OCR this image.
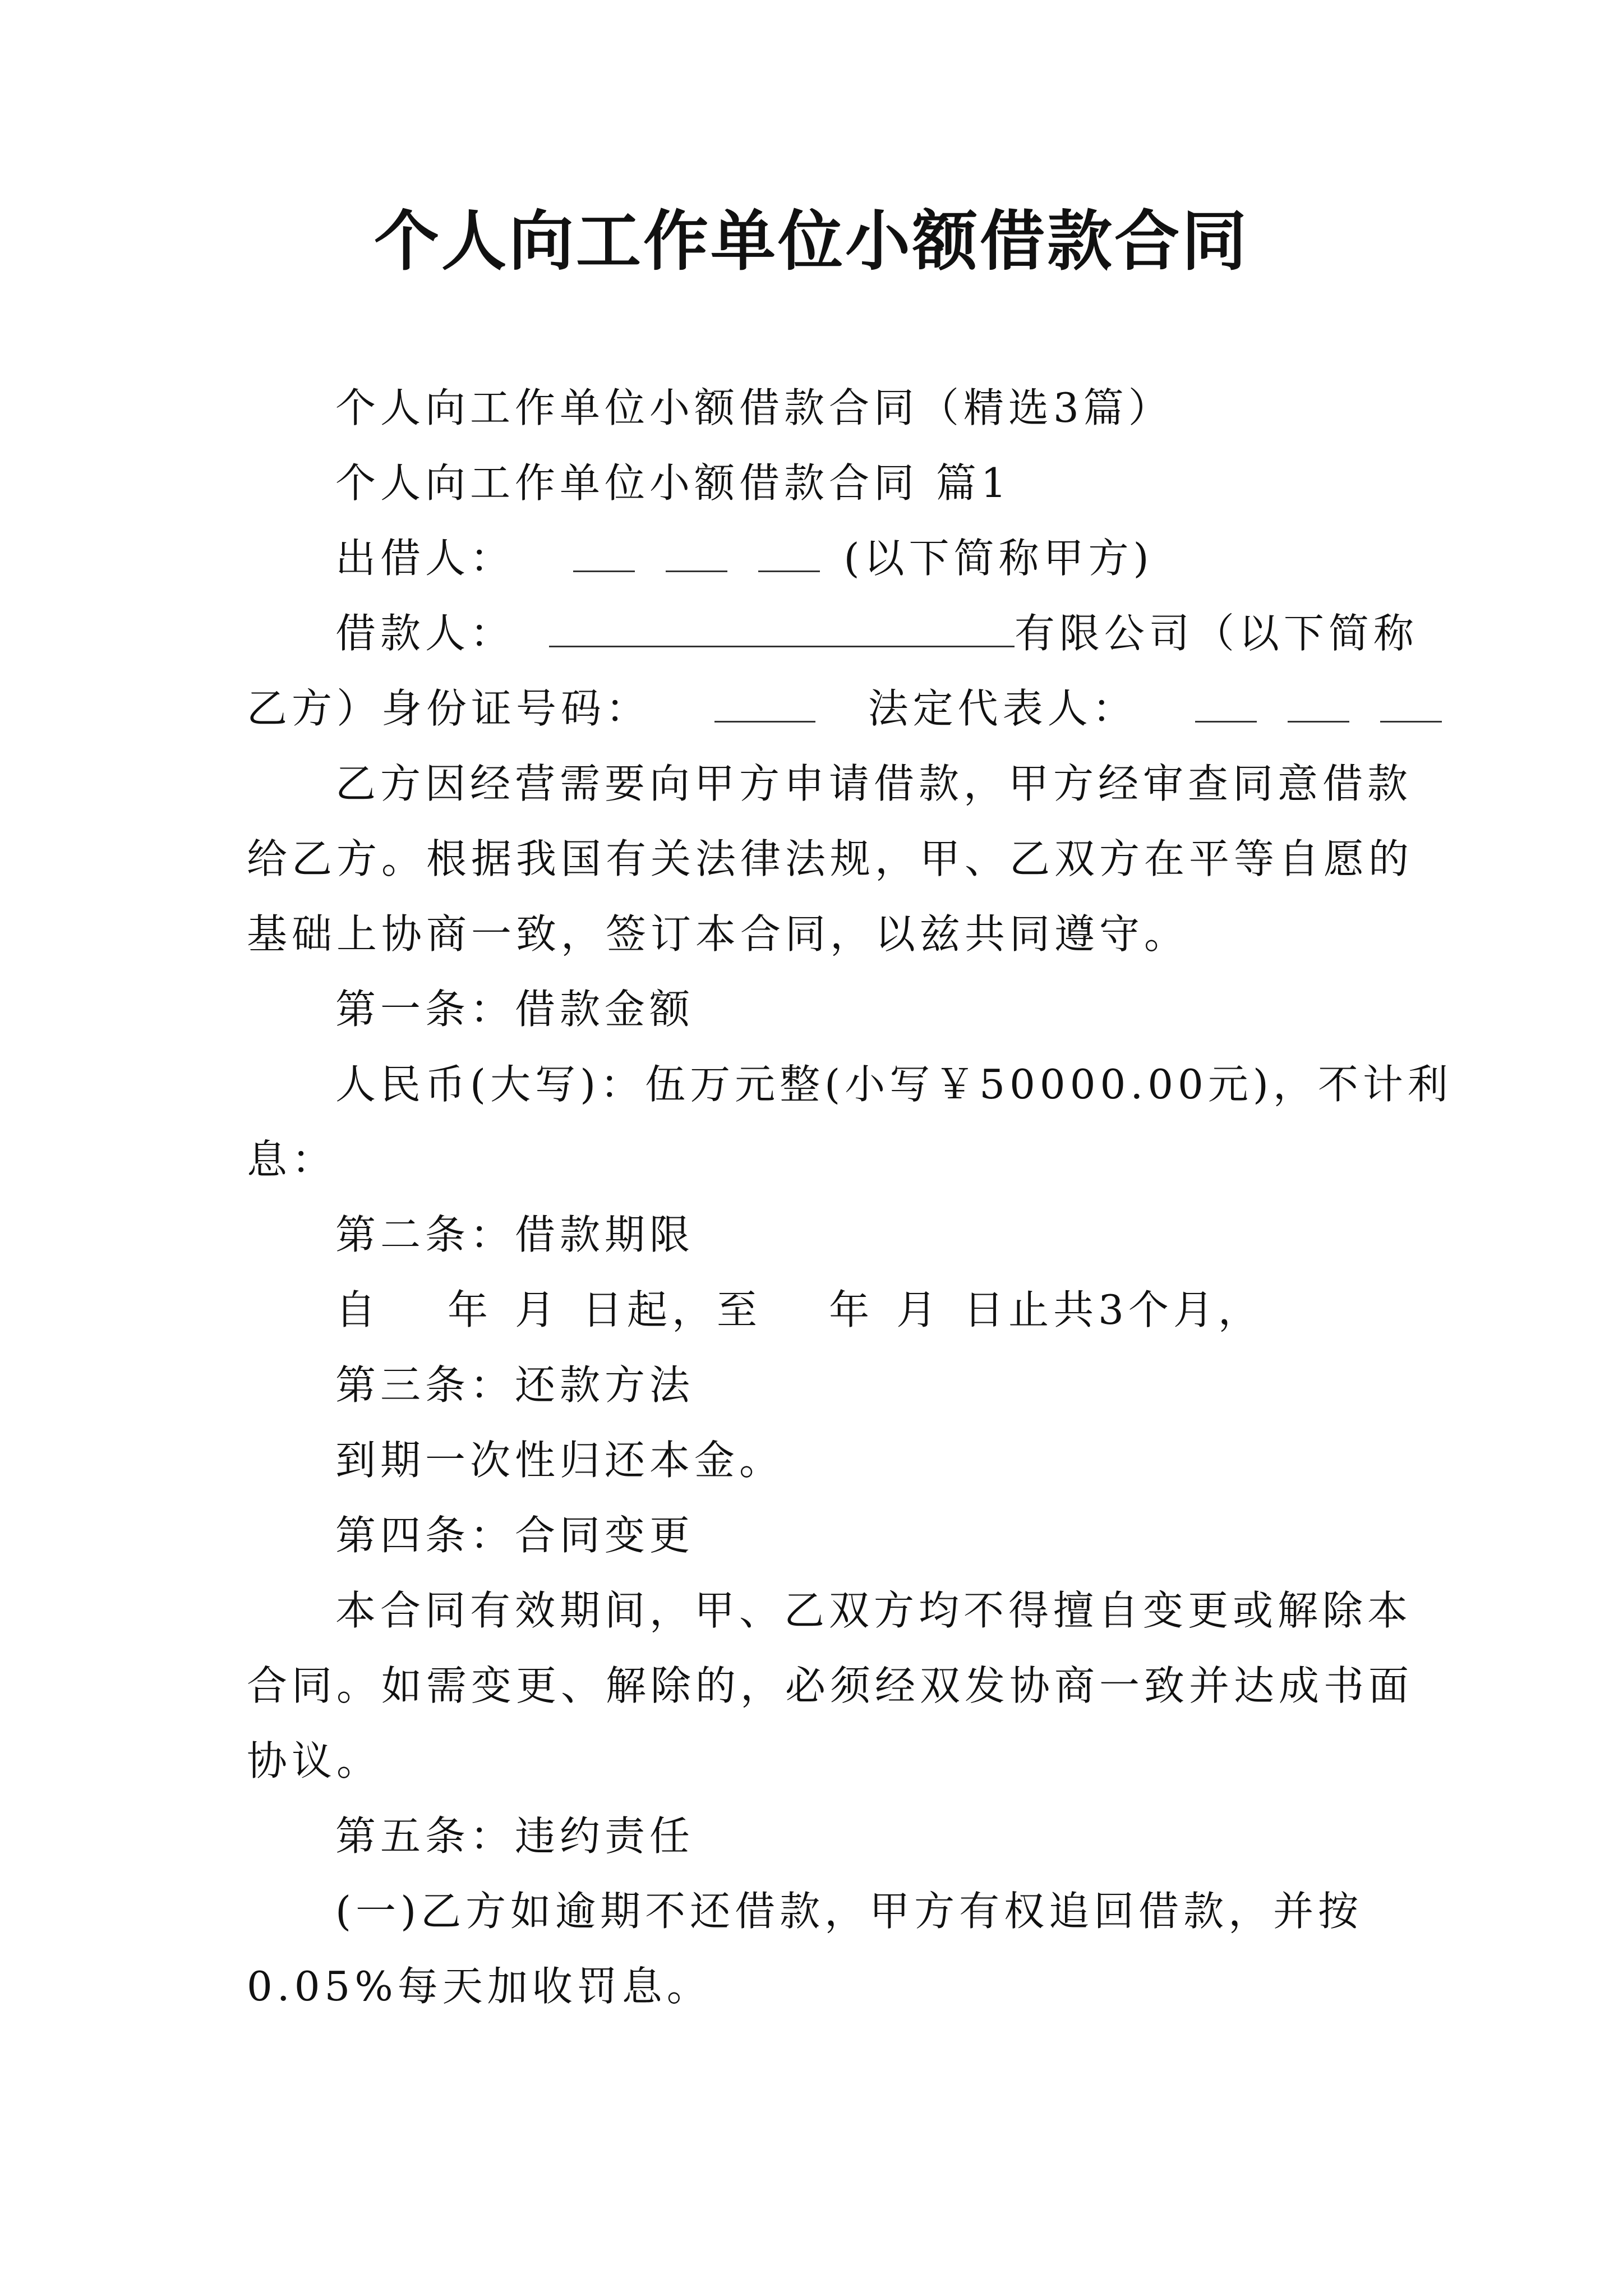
个人向工作单位小额借款合同
个人向工作单位小额借款合同（精选3篇）
个人向工作单位小额借款合同 篇1
出借人：	(以下简称甲方)
借款人：	有限公司（以下简称
乙方）身份证号码：	法定代表人：
乙方因经营需要向甲方申请借款，甲方经审查同意借款
给乙方。根据我国有关法律法规，甲、乙双方在平等自愿的
基础上协商一致，签订本合同，以兹共同遵守。
第一条：借款金额
人民币(大写)：伍万元整(小写￥50000.00元)，不计利
息：
第二条：借款期限
自 年 月 日起，至 年 月 日止共3个月，
第三条：还款方法
到期一次性归还本金。
第四条：合同变更
本合同有效期间，甲、乙双方均不得擅自变更或解除本
合同。如需变更、解除的，必须经双发协商一致并达成书面
协议。
第五条：违约责任
(一)乙方如逾期不还借款，甲方有权追回借款，并按
0.05%每天加收罚息。
